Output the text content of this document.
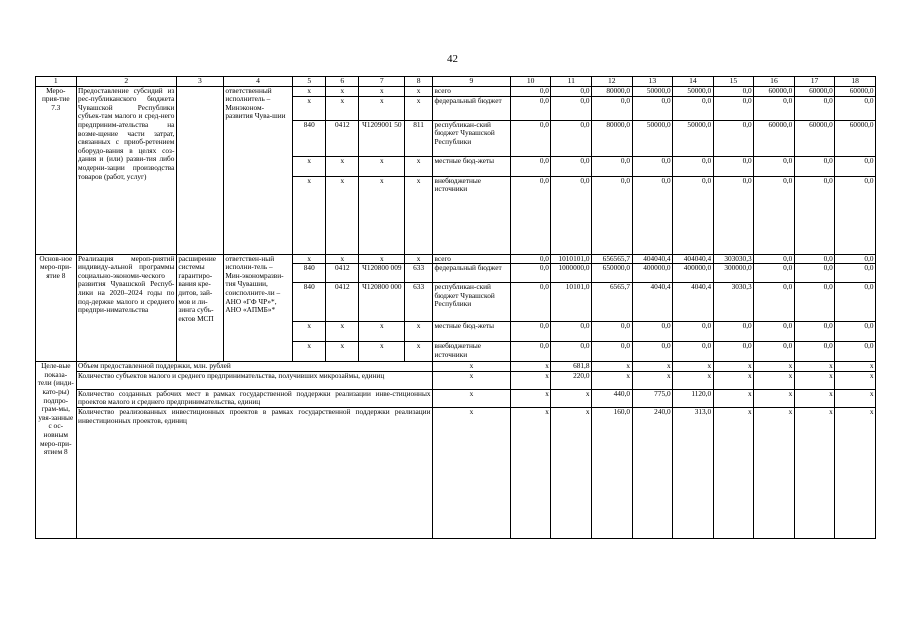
42
1	2	3	4	5	6	7	8	9	10	11	12	13	14	15	16	17	18
Меро-прия-тие 7.3	Предоставление субсидий из рес-публиканского бюджета Чувашской Республики субъек-там малого и сред-него предприним-ательства на возме-щение части затрат, связанных с приоб-ретением оборудо-вания в целях соз-дания и (или) разви-тия либо модерни-зации производства товаров (работ, услуг)		ответственный исполнитель – Минэконом-развития Чува-шии	x	x	x	x	всего	0,0	0,0	80000,0	50000,0	50000,0	0,0	60000,0	60000,0	60000,0
				x	x	x	x	федеральный бюджет	0,0	0,0	0,0	0,0	0,0	0,0	0,0	0,0	0,0
				840	0412	Ч1209001 50	811	республикан-ский бюджет Чувашской Республики	0,0	0,0	80000,0	50000,0	50000,0	0,0	60000,0	60000,0	60000,0
				x	x	x	x	местные бюд-жеты	0,0	0,0	0,0	0,0	0,0	0,0	0,0	0,0	0,0
				x	x	x	x	внебюджетные источники	0,0	0,0	0,0	0,0	0,0	0,0	0,0	0,0	0,0
Основ-ное меро-при-ятие 8	Реализация мероп-риятий индивиду-альной программы социально-экономи-ческого развития Чувашской Респуб-лики на 2020–2024 годы по под-держке малого и среднего предпри-нимательства	расширение системы гарантиро-вания кре-дитов, зай-мов и ли-зинга субъ-ектов МСП	ответствен-ный исполни-тель – Мин-экономразви-тия Чувашии, соисполните-ли – АНО «ГФ ЧР»*, АНО «АПМБ»*	x	x	x	x	всего	0,0	1010101,0	656565,7	404040,4	404040,4	303030,3	0,0	0,0	0,0
				840	0412	Ч120800 009	633	федеральный бюджет	0,0	1000000,0	650000,0	400000,0	400000,0	300000,0	0,0	0,0	0,0
				840	0412	Ч120800 000	633	республикан-ский бюджет Чувашской Республики	0,0	10101,0	6565,7	4040,4	4040,4	3030,3	0,0	0,0	0,0
				x	x	x	x	местные бюд-жеты	0,0	0,0	0,0	0,0	0,0	0,0	0,0	0,0	0,0
				x	x	x	x	внебюджетные источники	0,0	0,0	0,0	0,0	0,0	0,0	0,0	0,0	0,0
Целе-вые показа-тели (инди-като-ры) подпро-грам-мы, увя-занные с ос-новным меро-при-ятием 8	Объем предоставленной поддержки, млн. рублей							x	x	681,8	x	x	x	x	x	x	x
	Количество субъектов малого и среднего предпринимательства, получивших микрозаймы, единиц							x	x	220,0	x	x	x	x	x	x	x
	Количество созданных рабочих мест в рамках государственной поддержки реализации инве-стиционных проектов малого и среднего предпринимательства, единиц							x	x	x	440,0	775,0	1120,0	x	x	x	x
	Количество реализованных инвестиционных проектов в рамках государственной поддержки реализации инвестиционных проектов, единиц							x	x	x	160,0	240,0	313,0	x	x	x	x
